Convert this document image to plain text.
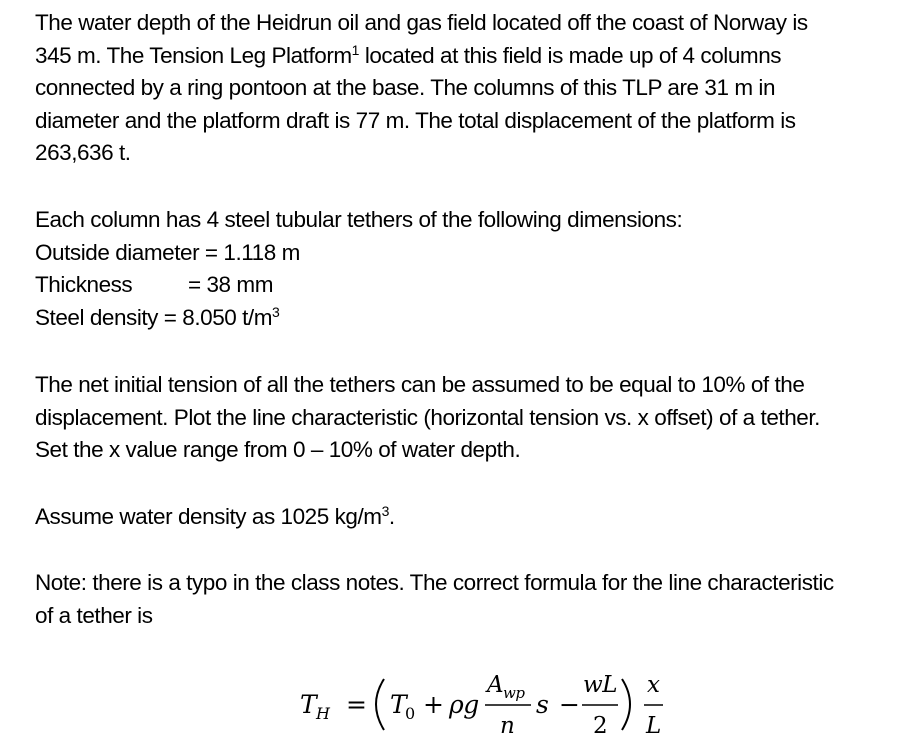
The water depth of the Heidrun oil and gas field located off the coast of Norway is
345 m. The Tension Leg Platform$^1$ located at this field is made up of 4 columns
connected by a ring pontoon at the base. The columns of this TLP are 31 m in
diameter and the platform draft is 77 m. The total displacement of the platform is
263,636 t.

Each column has 4 steel tubular tethers of the following dimensions:
Outside diameter = 1.118 m
Thickness = 38 mm
Steel density = 8.050 $t/m^3$

The net initial tension of all the tethers can be assumed to be equal to 10% of the
displacement. Plot the line characteristic (horizontal tension vs. x offset) of a tether.
Set the x value range from 0 – 10% of water depth.

Assume water density as 1025 $kg/m^3$.

Note: there is a typo in the class notes. The correct formula for the line characteristic
of a tether is

T H = T
0 + ρg
A wp
n
s −
wL
2
x
L
